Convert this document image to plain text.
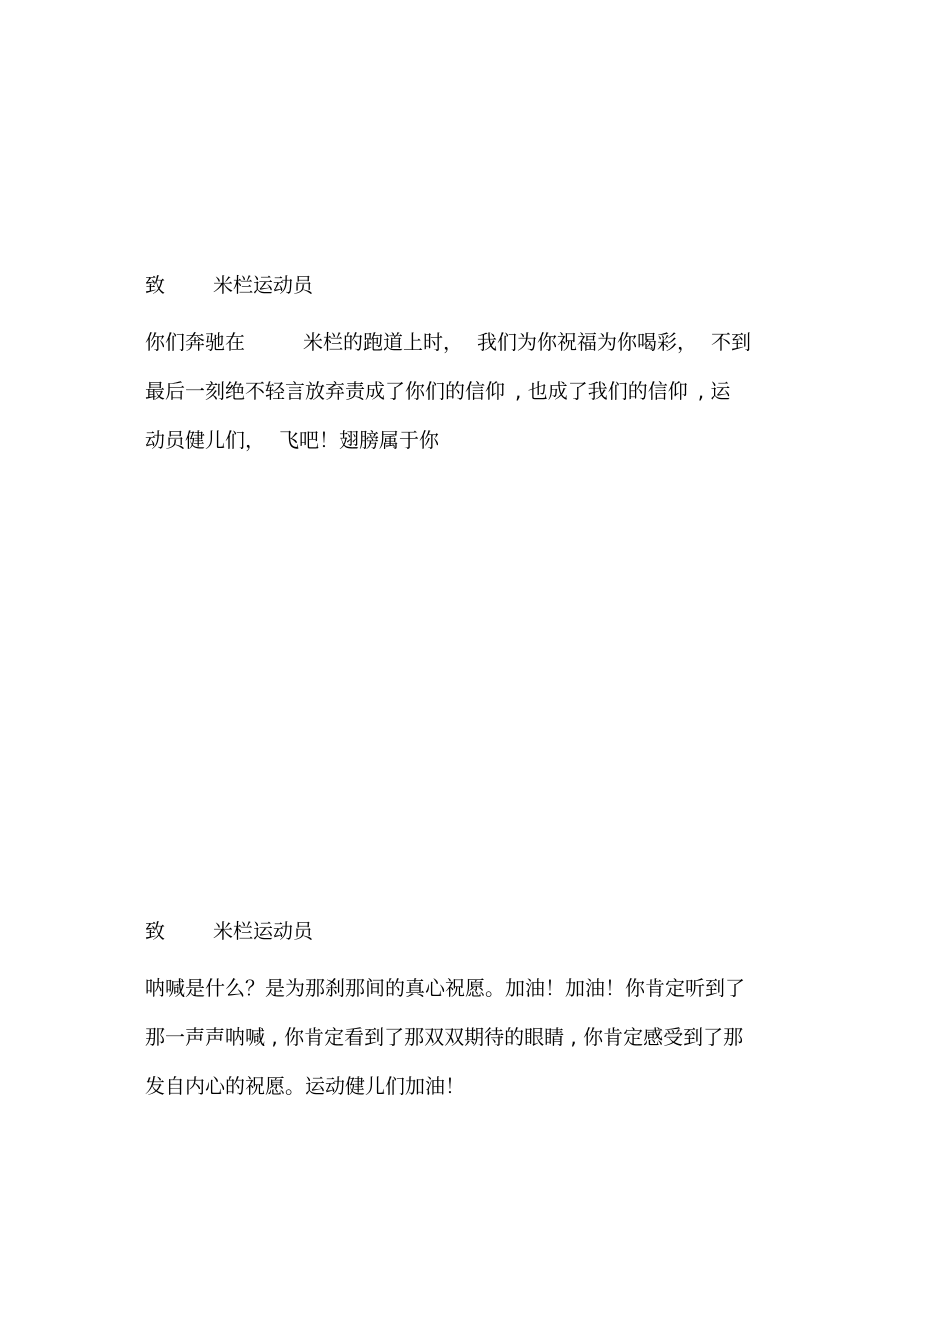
致 米栏运动员
你们奔驰在	米栏的跑道上时， 我们为你祝福为你喝彩， 不到
最后一刻绝不轻言放弃责成了你们的信仰 , 也成了我们的信仰 , 运
动员健儿们， 飞吧！翅膀属于你
致 米栏运动员
呐喊是什么？是为那刹那间的真心祝愿。加油！加油！你肯定听到了
那一声声呐喊 , 你肯定看到了那双双期待的眼睛 , 你肯定感受到了那
发自内心的祝愿。运动健儿们加油！
